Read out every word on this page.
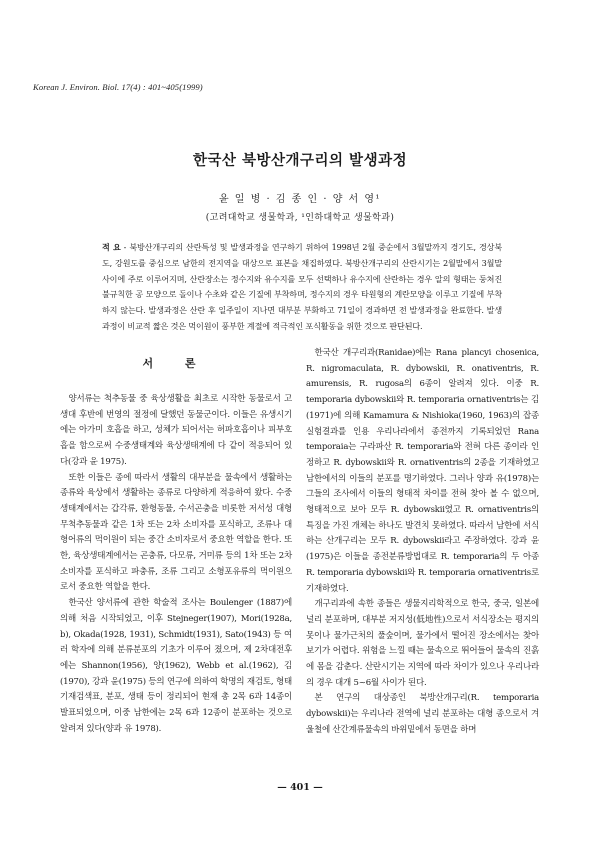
Korean J. Environ. Biol. 17(4) : 401~405(1999)
한국산 북방산개구리의 발생과정
윤 일 병 · 김 종 인 · 양 서 영¹
(고려대학교 생물학과, ¹인하대학교 생물학과)
적 요 - 북방산개구리의 산란특성 및 발생과정을 연구하기 위하여 1998년 2월 중순에서 3월말까지 경기도, 경상북도, 강원도를 중심으로 남한의 전지역을 대상으로 표본을 채집하였다. 북방산개구리의 산란시기는 2월말에서 3월말사이에 주로 이루어지며, 산란장소는 정수지와 유수지를 모두 선택하나 유수지에 산란하는 경우 알의 형태는 둥쳐진 불규칙한 공 모양으로 돌이나 수초와 같은 기질에 부착하며, 정수지의 경우 타원형의 계란모양을 이루고 기질에 부착하지 않는다. 발생과정은 산란 후 일주일이 지나면 대부분 부화하고 71일이 경과하면 전 발생과정을 완료한다. 발생과정이 비교적 짧은 것은 먹이원이 풍부한 계절에 적극적인 포식활동을 위한 것으로 판단된다.
서 론

양서류는 척추동물 중 육상생활을 최초로 시작한 동물로서 고생대 후반에 번영의 절정에 달했던 동물군이다. 이들은 유생시기에는 아가미 호흡을 하고, 성체가 되어서는 허파호흡이나 피부호흡을 함으로써 수중생태계와 육상생태계에 다 같이 적응되어 있다(강과 윤 1975).

또한 이들은 종에 따라서 생활의 대부분을 물속에서 생활하는 종류와 육상에서 생활하는 종류로 다양하게 적응하여 왔다. 수중생태계에서는 갑각류, 환형동물, 수서곤충을 비롯한 저서성 대형무척추동물과 같은 1차 또는 2차 소비자를 포식하고, 조류나 대형어류의 먹이원이 되는 중간 소비자로서 중요한 역할을 한다. 또한, 육상생태계에서는 곤충류, 다모류, 거미류 등의 1차 또는 2차 소비자를 포식하고 파충류, 조류 그리고 소형포유류의 먹이원으로서 중요한 역할을 한다.

한국산 양서류에 관한 학술적 조사는 Boulenger (1887)에 의해 처음 시작되었고, 이후 Stejneger(1907), Mori(1928a, b), Okada(1928, 1931), Schmidt(1931), Sato(1943) 등 여러 학자에 의해 분류분포의 기초가 이루어 졌으며, 제 2차대전후에는 Shannon(1956), 양(1962), Webb et al.(1962), 김(1970), 강과 윤(1975) 등의 연구에 의하여 학명의 재검토, 형태기재검색표, 분포, 생태 등이 정리되어 현재 총 2목 6과 14종이 발표되었으며, 이중 남한에는 2목 6과 12종이 분포하는 것으로 알려져 있다(양과 유 1978).

한국산 개구리과(Ranidae)에는 Rana plancyi chosenica, R. nigromaculata, R. dybowskii, R. onativentris, R. amurensis, R. rugosa의 6종이 알려져 있다. 이중 R. temporaria dybowskii와 R. temporaria ornativentris는 김(1971)에 의해 Kamamura & Nishioka(1960, 1963)의 잡종실험결과를 인용 우리나라에서 종전까지 기록되었던 Rana temporaia는 구라파산 R. temporaria와 전혀 다른 종이라 인정하고 R. dybowskii와 R. ornativentris의 2종을 기재하였고 남한에서의 이들의 분포를 명기하였다. 그러나 양과 유(1978)는 그들의 조사에서 이들의 형태적 차이를 전혀 찾아 볼 수 없으며, 형태적으로 보아 모두 R. dybowskii였고 R. ornativentris의 특징을 가진 개체는 하나도 발견치 못하였다. 따라서 남한에 서식하는 산개구리는 모두 R. dybowskii라고 주장하였다. 강과 윤(1975)은 이들을 종전분류방법대로 R. temporaria의 두 아종 R. temporaria dybowskii와 R. temporaria ornativentris로 기재하였다.

개구리과에 속한 종들은 생물지리학적으로 한국, 중국, 일본에 널리 분포하며, 대부분 저지성(低地性)으로서 서식장소는 평지의 못이나 물가근처의 풀숲이며, 물가에서 떨어진 장소에서는 찾아보기가 어렵다. 위험을 느낄 때는 물속으로 뛰어들어 물속의 진흙에 몸을 감춘다. 산란시기는 지역에 따라 차이가 있으나 우리나라의 경우 대개 5~6월 사이가 된다.

본 연구의 대상종인 북방산개구리(R. temporaria dybowskii)는 우리나라 전역에 널리 분포하는 대형 종으로서 겨울철에 산간계류물속의 바위밑에서 동면을 하며

— 401 —
